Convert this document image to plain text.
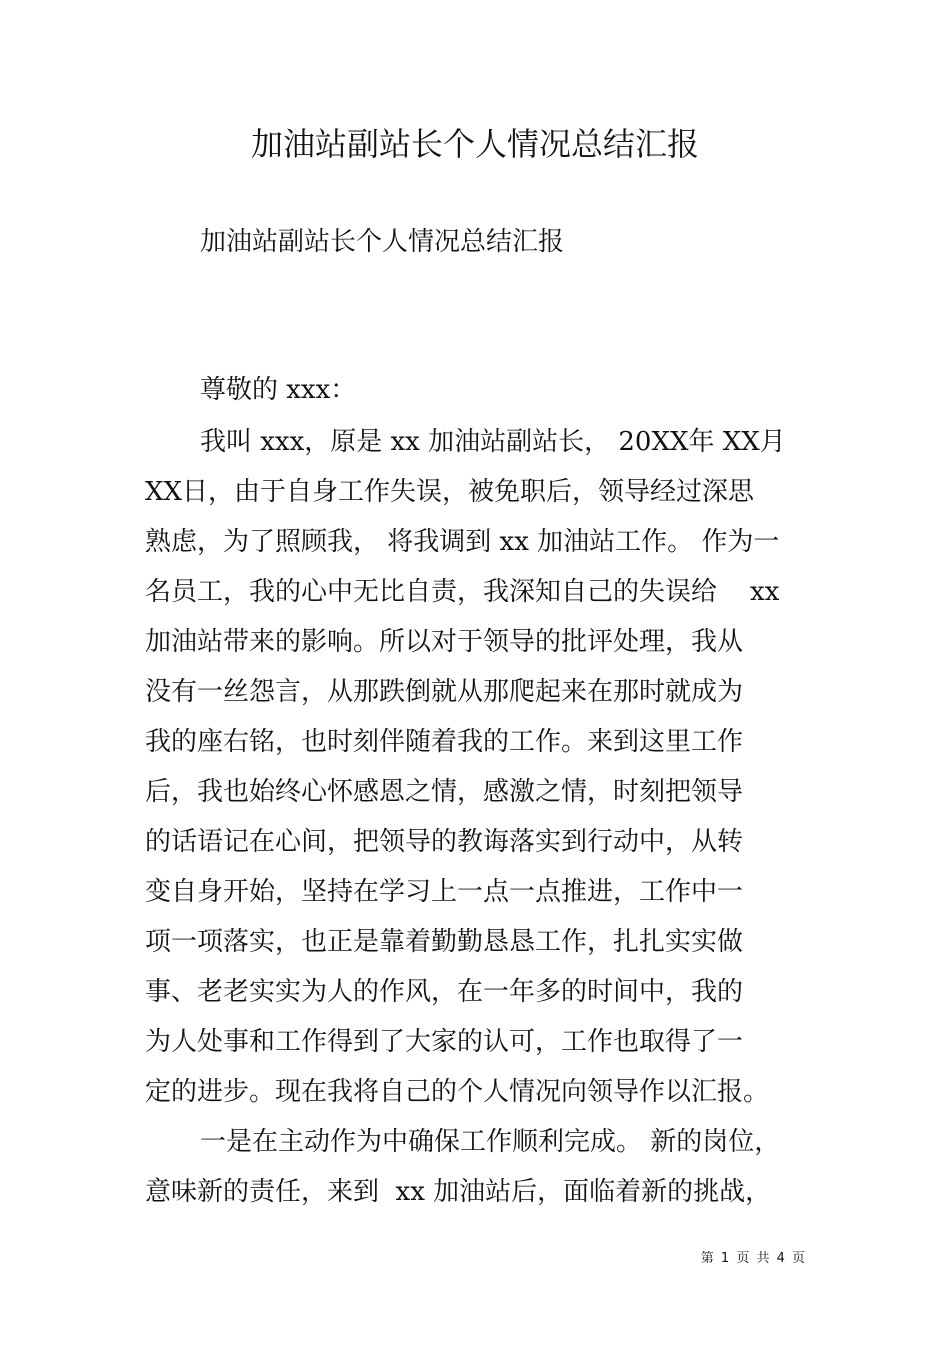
加油站副站长个人情况总结汇报
加油站副站长个人情况总结汇报
尊敬的 xxx：
我叫 xxx，原是 xx 加油站副站长， 20XX年 XX月
XX日，由于自身工作失误，被免职后，领导经过深思
熟虑，为了照顾我， 将我调到 xx 加油站工作。 作为一
名员工，我的心中无比自责，我深知自己的失误给    xx
加油站带来的影响。所以对于领导的批评处理，我从
没有一丝怨言，从那跌倒就从那爬起来在那时就成为
我的座右铭，也时刻伴随着我的工作。来到这里工作
后，我也始终心怀感恩之情，感激之情，时刻把领导
的话语记在心间，把领导的教诲落实到行动中，从转
变自身开始，坚持在学习上一点一点推进，工作中一
项一项落实，也正是靠着勤勤恳恳工作，扎扎实实做
事、老老实实为人的作风，在一年多的时间中，我的
为人处事和工作得到了大家的认可，工作也取得了一
定的进步。现在我将自己的个人情况向领导作以汇报。
一是在主动作为中确保工作顺利完成。 新的岗位，
意味新的责任，来到  xx 加油站后，面临着新的挑战，
第 1 页 共 4 页
